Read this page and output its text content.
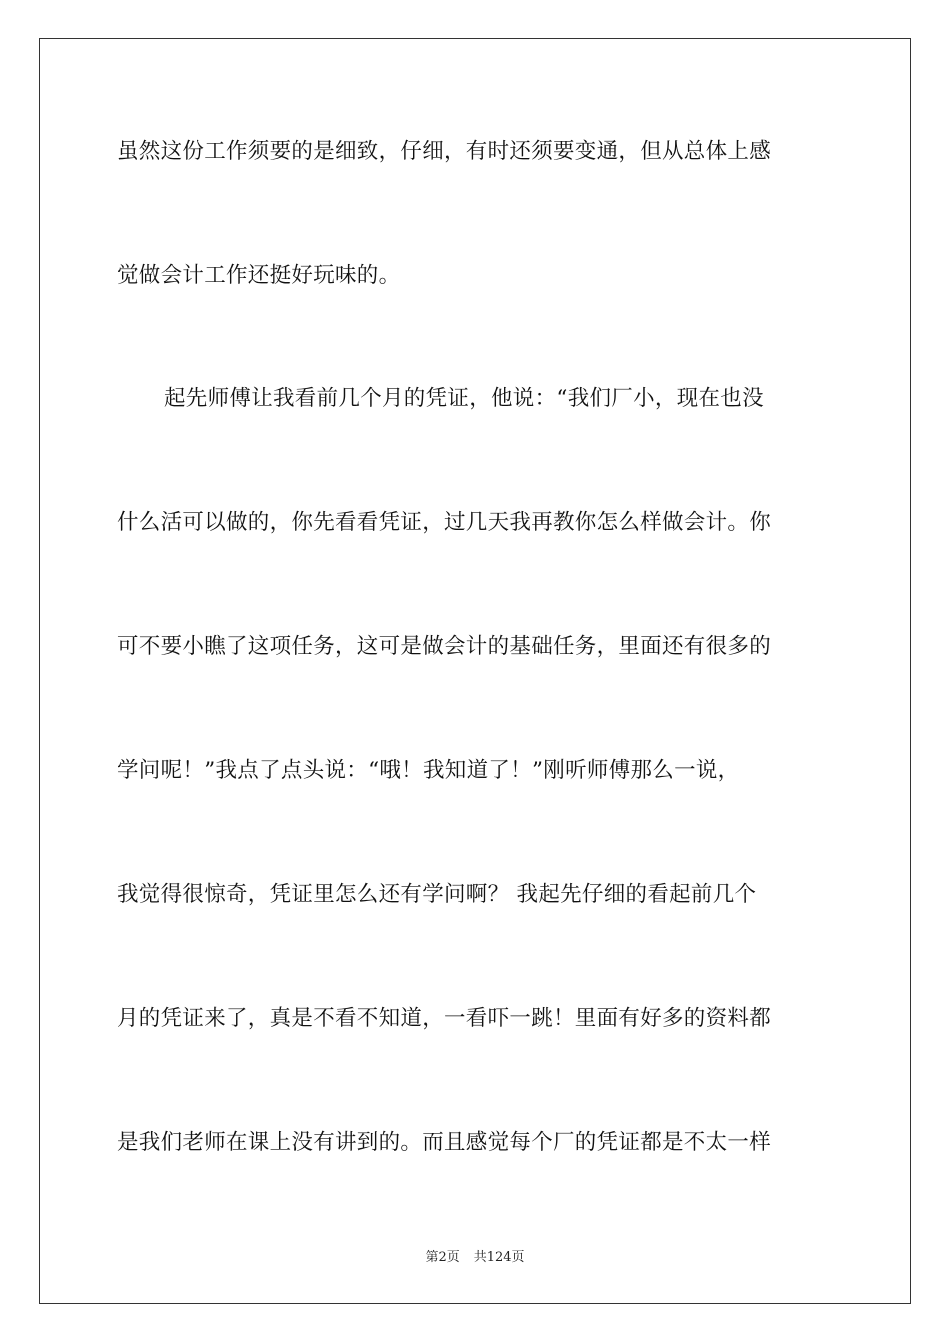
虽然这份工作须要的是细致，仔细，有时还须要变通，但从总体上感
觉做会计工作还挺好玩味的。
起先师傅让我看前几个月的凭证，他说：“我们厂小，现在也没
什么活可以做的，你先看看凭证，过几天我再教你怎么样做会计。你
可不要小瞧了这项任务，这可是做会计的基础任务，里面还有很多的
学问呢！”我点了点头说：“哦！我知道了！”刚听师傅那么一说，
我觉得很惊奇，凭证里怎么还有学问啊？ 我起先仔细的看起前几个
月的凭证来了，真是不看不知道，一看吓一跳！里面有好多的资料都
是我们老师在课上没有讲到的。而且感觉每个厂的凭证都是不太一样
第2页 共124页
